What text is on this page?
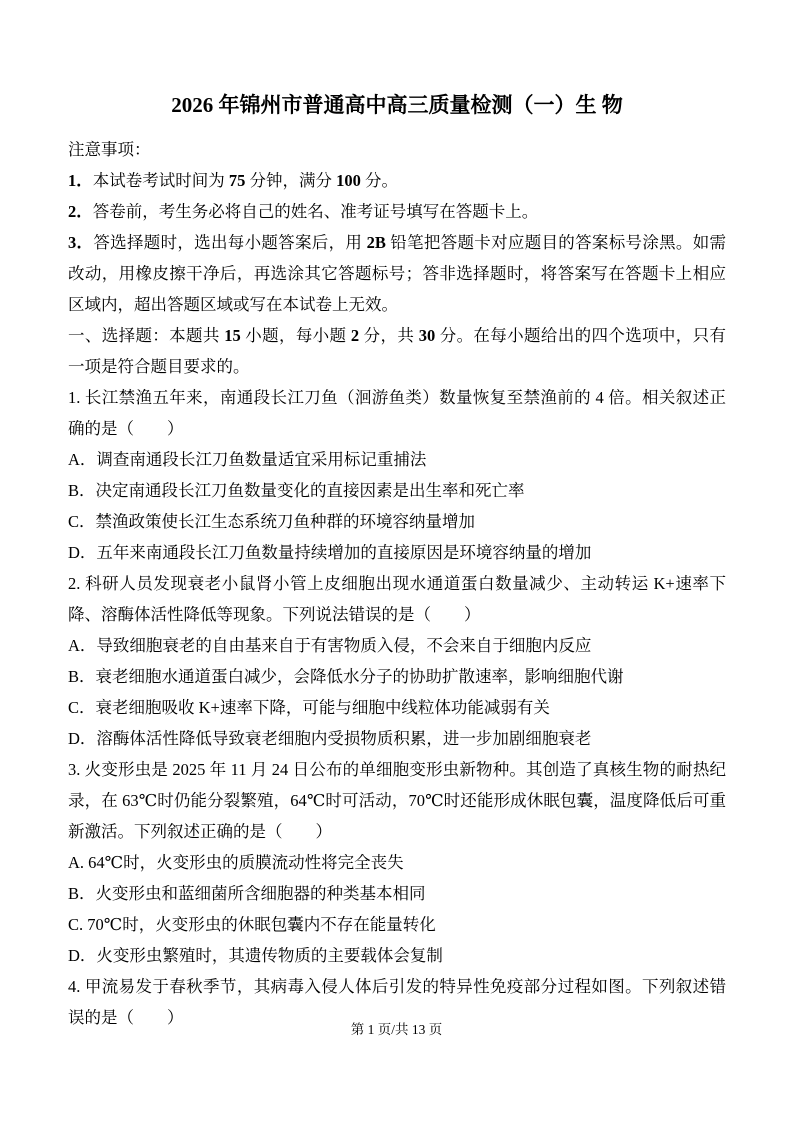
2026 年锦州市普通高中高三质量检测（一）生 物

注意事项：

1．本试卷考试时间为 75 分钟，满分 100 分。

2．答卷前，考生务必将自己的姓名、准考证号填写在答题卡上。

3．答选择题时，选出每小题答案后，用 2B 铅笔把答题卡对应题目的答案标号涂黑。如需改动，用橡皮擦干净后，再选涂其它答题标号；答非选择题时，将答案写在答题卡上相应区域内，超出答题区域或写在本试卷上无效。

一、选择题：本题共 15 小题，每小题 2 分，共 30 分。在每小题给出的四个选项中，只有一项是符合题目要求的。

1. 长江禁渔五年来，南通段长江刀鱼（洄游鱼类）数量恢复至禁渔前的 4 倍。相关叙述正确的是（　　）

A．调查南通段长江刀鱼数量适宜采用标记重捕法

B．决定南通段长江刀鱼数量变化的直接因素是出生率和死亡率

C．禁渔政策使长江生态系统刀鱼种群的环境容纳量增加

D．五年来南通段长江刀鱼数量持续增加的直接原因是环境容纳量的增加

2. 科研人员发现衰老小鼠肾小管上皮细胞出现水通道蛋白数量减少、主动转运 K+速率下降、溶酶体活性降低等现象。下列说法错误的是（　　）

A．导致细胞衰老的自由基来自于有害物质入侵，不会来自于细胞内反应

B．衰老细胞水通道蛋白减少，会降低水分子的协助扩散速率，影响细胞代谢

C．衰老细胞吸收 K+速率下降，可能与细胞中线粒体功能减弱有关

D．溶酶体活性降低导致衰老细胞内受损物质积累，进一步加剧细胞衰老

3. 火变形虫是 2025 年 11 月 24 日公布的单细胞变形虫新物种。其创造了真核生物的耐热纪录，在 63℃时仍能分裂繁殖，64℃时可活动，70℃时还能形成休眠包囊，温度降低后可重新激活。下列叙述正确的是（　　）

A. 64℃时，火变形虫的质膜流动性将完全丧失

B．火变形虫和蓝细菌所含细胞器的种类基本相同

C. 70℃时，火变形虫的休眠包囊内不存在能量转化

D．火变形虫繁殖时，其遗传物质的主要载体会复制

4. 甲流易发于春秋季节，其病毒入侵人体后引发的特异性免疫部分过程如图。下列叙述错误的是（　　）

第 1 页/共 13 页
